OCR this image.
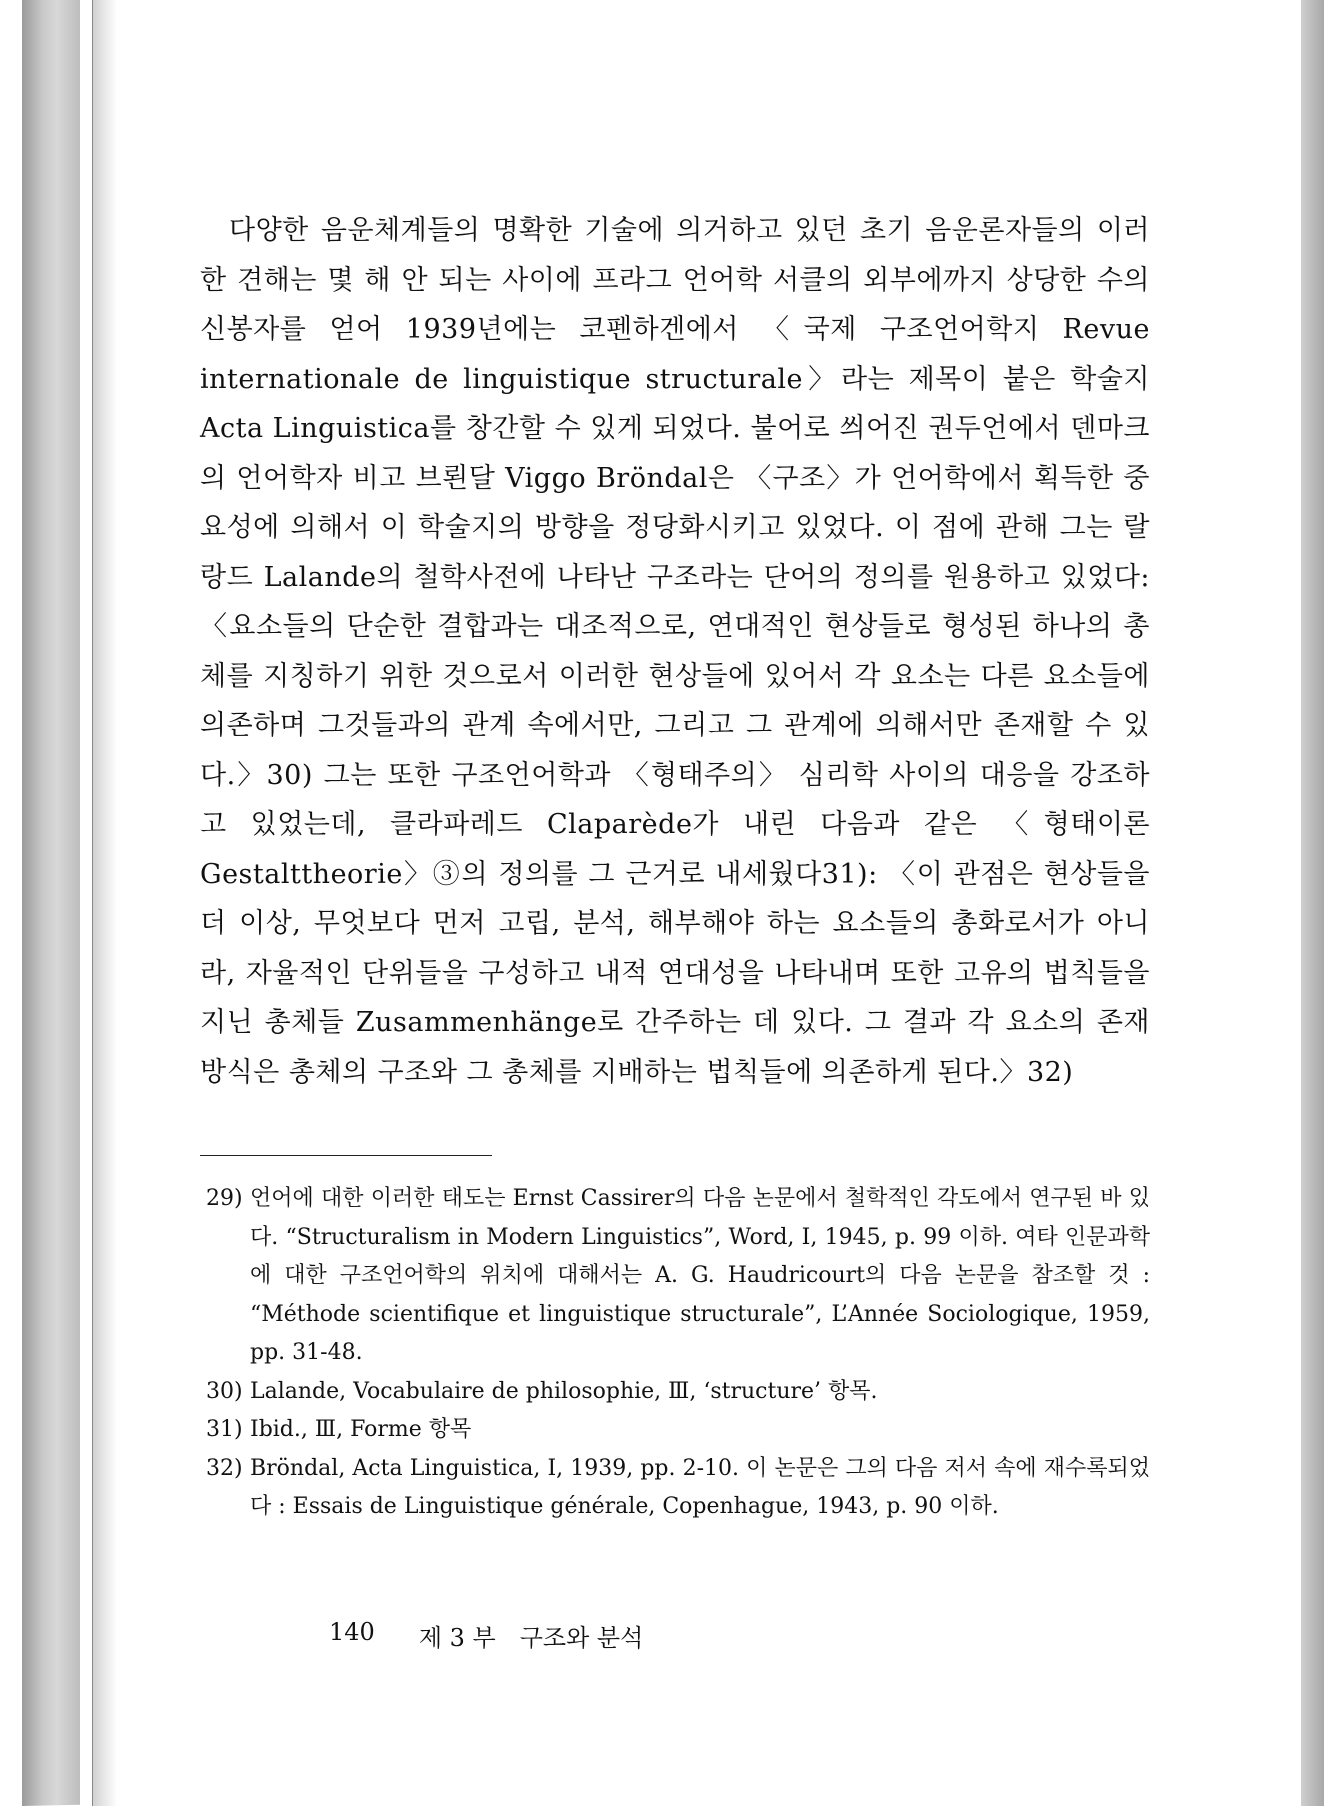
다양한 음운체계들의 명확한 기술에 의거하고 있던 초기 음운론자들의 이러한 견해는 몇 해 안 되는 사이에 프라그 언어학 서클의 외부에까지 상당한 수의 신봉자를 얻어 1939년에는 코펜하겐에서 〈국제 구조언어학지 Revue internationale de linguistique structurale〉라는 제목이 붙은 학술지 Acta Linguistica를 창간할 수 있게 되었다. 불어로 씌어진 권두언에서 덴마크의 언어학자 비고 브뢴달 Viggo Bröndal은 〈구조〉가 언어학에서 획득한 중요성에 의해서 이 학술지의 방향을 정당화시키고 있었다. 이 점에 관해 그는 랄랑드 Lalande의 철학사전에 나타난 구조라는 단어의 정의를 원용하고 있었다: 〈요소들의 단순한 결합과는 대조적으로, 연대적인 현상들로 형성된 하나의 총체를 지칭하기 위한 것으로서 이러한 현상들에 있어서 각 요소는 다른 요소들에 의존하며 그것들과의 관계 속에서만, 그리고 그 관계에 의해서만 존재할 수 있다.〉30) 그는 또한 구조언어학과 〈형태주의〉 심리학 사이의 대응을 강조하고 있었는데, 클라파레드 Claparède가 내린 다음과 같은 〈형태이론 Gestalttheorie〉③의 정의를 그 근거로 내세웠다31): 〈이 관점은 현상들을 더 이상, 무엇보다 먼저 고립, 분석, 해부해야 하는 요소들의 총화로서가 아니라, 자율적인 단위들을 구성하고 내적 연대성을 나타내며 또한 고유의 법칙들을 지닌 총체들 Zusammenhänge로 간주하는 데 있다. 그 결과 각 요소의 존재방식은 총체의 구조와 그 총체를 지배하는 법칙들에 의존하게 된다.〉32)

29) 언어에 대한 이러한 태도는 Ernst Cassirer의 다음 논문에서 철학적인 각도에서 연구된 바 있다. “Structuralism in Modern Linguistics”, Word, I, 1945, p. 99 이하. 여타 인문과학에 대한 구조언어학의 위치에 대해서는 A. G. Haudricourt의 다음 논문을 참조할 것 : “Méthode scientifique et linguistique structurale”, L’Année Sociologique, 1959, pp. 31-48.
30) Lalande, Vocabulaire de philosophie, Ⅲ, ‘structure’ 항목.
31) Ibid., Ⅲ, Forme 항목
32) Bröndal, Acta Linguistica, I, 1939, pp. 2-10. 이 논문은 그의 다음 저서 속에 재수록되었다 : Essais de Linguistique générale, Copenhague, 1943, p. 90 이하.
140 제 3 부 구조와 분석
